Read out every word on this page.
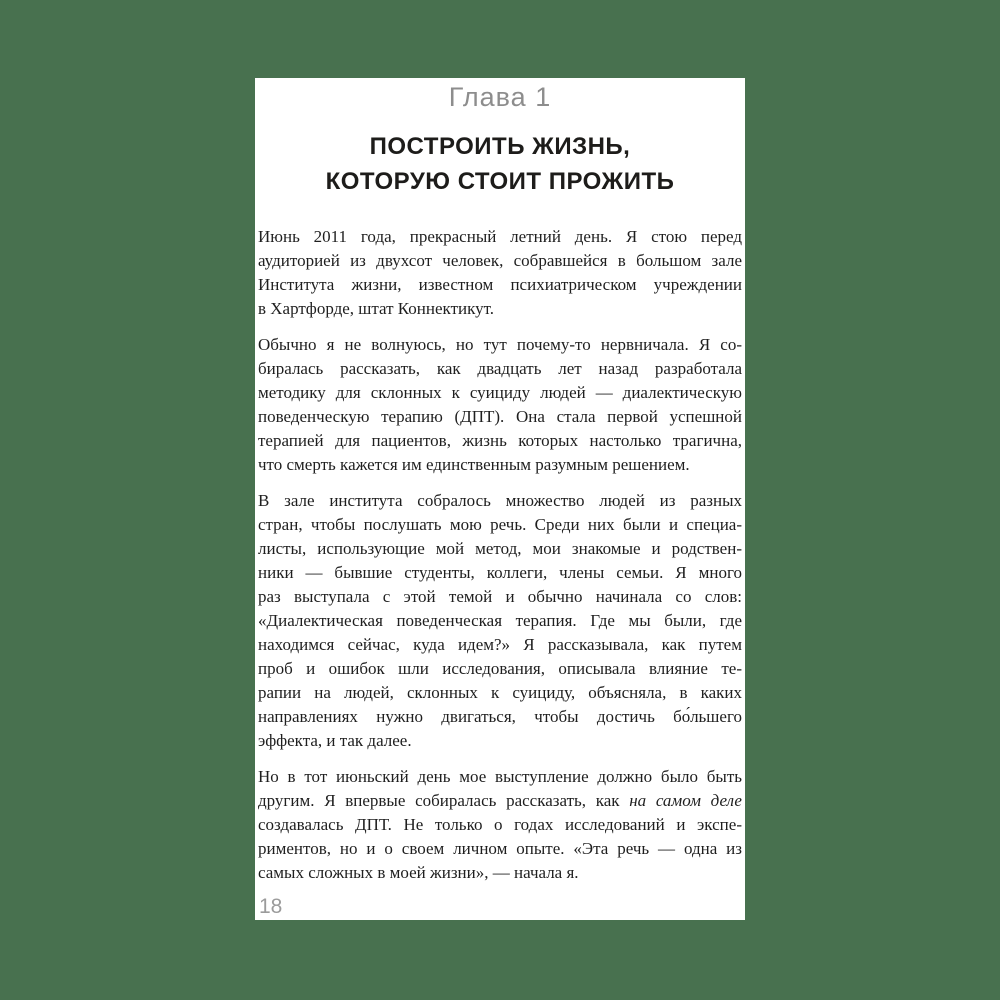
Глава 1
ПОСТРОИТЬ ЖИЗНЬ,
КОТОРУЮ СТОИТ ПРОЖИТЬ
Июнь 2011 года, прекрасный летний день. Я стою перед
аудиторией из двухсот человек, собравшейся в большом зале
Института жизни, известном психиатрическом учреждении
в Хартфорде, штат Коннектикут.
Обычно я не волнуюсь, но тут почему-то нервничала. Я со-
биралась рассказать, как двадцать лет назад разработала
методику для склонных к суициду людей — диалектическую
поведенческую терапию (ДПТ). Она стала первой успешной
терапией для пациентов, жизнь которых настолько трагична,
что смерть кажется им единственным разумным решением.
В зале института собралось множество людей из разных
стран, чтобы послушать мою речь. Среди них были и специа-
листы, использующие мой метод, мои знакомые и родствен-
ники — бывшие студенты, коллеги, члены семьи. Я много
раз выступала с этой темой и обычно начинала со слов:
«Диалектическая поведенческая терапия. Где мы были, где
находимся сейчас, куда идем?» Я рассказывала, как путем
проб и ошибок шли исследования, описывала влияние те-
рапии на людей, склонных к суициду, объясняла, в каких
направлениях нужно двигаться, чтобы достичь бо́льшего
эффекта, и так далее.
Но в тот июньский день мое выступление должно было быть
другим. Я впервые собиралась рассказать, как на самом деле
создавалась ДПТ. Не только о годах исследований и экспе-
риментов, но и о своем личном опыте. «Эта речь — одна из
самых сложных в моей жизни», — начала я.
18
